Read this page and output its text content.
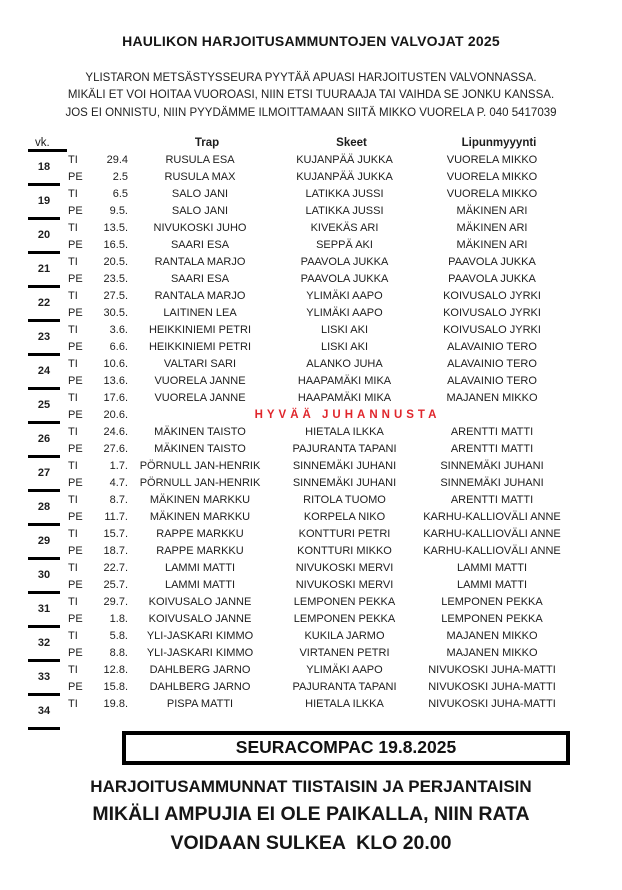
HAULIKON HARJOITUSAMMUNTOJEN VALVOJAT 2025
YLISTARON METSÄSTYSSEURA PYYTÄÄ APUASI HARJOITUSTEN VALVONNASSA.
MIKÄLI ET VOI HOITAA VUOROASI, NIIN ETSI TUURAAJA TAI VAIHDA SE JONKU KANSSA.
JOS EI ONNISTU, NIIN PYYDÄMME ILMOITTAMAAN SIITÄ MIKKO VUORELA P. 040 5417039
vk.	Trap	Skeet	Lipunmyyynti
18
TI	29.4	RUSULA ESA	KUJANPÄÄ JUKKA	VUORELA MIKKO
PE	2.5	RUSULA MAX	KUJANPÄÄ JUKKA	VUORELA MIKKO
19
TI	6.5	SALO JANI	LATIKKA JUSSI	VUORELA MIKKO
PE	9.5.	SALO JANI	LATIKKA JUSSI	MÄKINEN ARI
20
TI	13.5.	NIVUKOSKI JUHO	KIVEKÄS ARI	MÄKINEN ARI
PE	16.5.	SAARI ESA	SEPPÄ AKI	MÄKINEN ARI
21
TI	20.5.	RANTALA MARJO	PAAVOLA JUKKA	PAAVOLA JUKKA
PE	23.5.	SAARI ESA	PAAVOLA JUKKA	PAAVOLA JUKKA
22
TI	27.5.	RANTALA MARJO	YLIMÄKI AAPO	KOIVUSALO JYRKI
PE	30.5.	LAITINEN LEA	YLIMÄKI AAPO	KOIVUSALO JYRKI
23
TI	3.6.	HEIKKINIEMI PETRI	LISKI AKI	KOIVUSALO JYRKI
PE	6.6.	HEIKKINIEMI PETRI	LISKI AKI	ALAVAINIO TERO
24
TI	10.6.	VALTARI SARI	ALANKO JUHA	ALAVAINIO TERO
PE	13.6.	VUORELA JANNE	HAAPAMÄKI MIKA	ALAVAINIO TERO
25
TI	17.6.	VUORELA JANNE	HAAPAMÄKI MIKA	MAJANEN MIKKO
PE	20.6.	HYVÄÄ JUHANNUSTA
26
TI	24.6.	MÄKINEN TAISTO	HIETALA ILKKA	ARENTTI MATTI
PE	27.6.	MÄKINEN TAISTO	PAJURANTA TAPANI	ARENTTI MATTI
27
TI	1.7.	PÖRNULL JAN-HENRIK	SINNEMÄKI JUHANI	SINNEMÄKI JUHANI
PE	4.7.	PÖRNULL JAN-HENRIK	SINNEMÄKI JUHANI	SINNEMÄKI JUHANI
28
TI	8.7.	MÄKINEN MARKKU	RITOLA TUOMO	ARENTTI MATTI
PE	11.7.	MÄKINEN MARKKU	KORPELA NIKO	KARHU-KALLIOVÄLI ANNE
29
TI	15.7.	RAPPE MARKKU	KONTTURI PETRI	KARHU-KALLIOVÄLI ANNE
PE	18.7.	RAPPE MARKKU	KONTTURI MIKKO	KARHU-KALLIOVÄLI ANNE
30
TI	22.7.	LAMMI MATTI	NIVUKOSKI MERVI	LAMMI MATTI
PE	25.7.	LAMMI MATTI	NIVUKOSKI MERVI	LAMMI MATTI
31
TI	29.7.	KOIVUSALO JANNE	LEMPONEN PEKKA	LEMPONEN PEKKA
PE	1.8.	KOIVUSALO JANNE	LEMPONEN PEKKA	LEMPONEN PEKKA
32
TI	5.8.	YLI-JASKARI KIMMO	KUKILA JARMO	MAJANEN MIKKO
PE	8.8.	YLI-JASKARI KIMMO	VIRTANEN PETRI	MAJANEN MIKKO
33
TI	12.8.	DAHLBERG JARNO	YLIMÄKI AAPO	NIVUKOSKI JUHA-MATTI
PE	15.8.	DAHLBERG JARNO	PAJURANTA TAPANI	NIVUKOSKI JUHA-MATTI
34
TI	19.8.	PISPA MATTI	HIETALA ILKKA	NIVUKOSKI JUHA-MATTI
SEURACOMPAC 19.8.2025
HARJOITUSAMMUNNAT TIISTAISIN JA PERJANTAISIN
MIKÄLI AMPUJIA EI OLE PAIKALLA, NIIN RATA
VOIDAAN SULKEA  KLO 20.00
